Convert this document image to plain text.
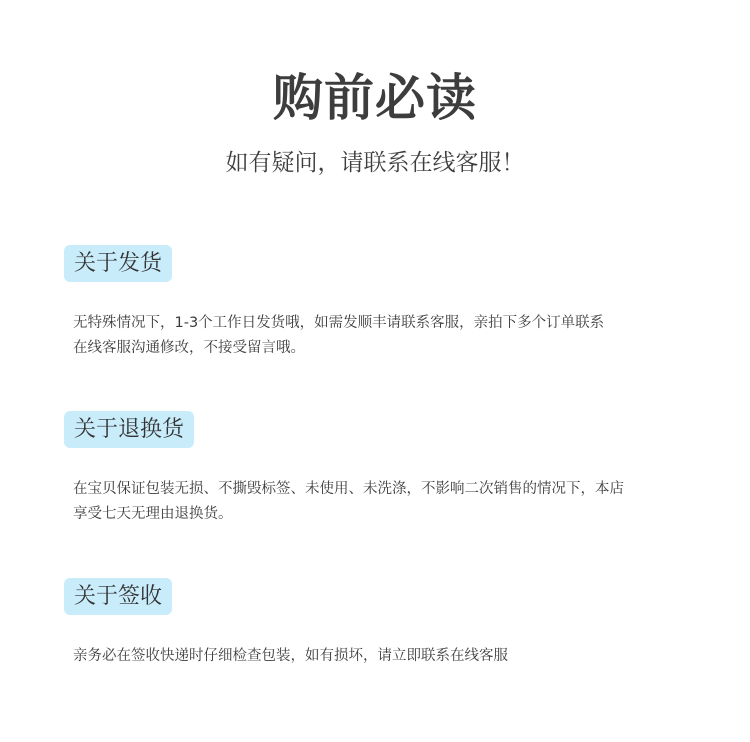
购前必读
如有疑问，请联系在线客服！
关于发货
无特殊情况下，1-3个工作日发货哦，如需发顺丰请联系客服，亲拍下多个订单联系
在线客服沟通修改，不接受留言哦。
关于退换货
在宝贝保证包装无损、不撕毁标签、未使用、未洗涤，不影响二次销售的情况下，本店
享受七天无理由退换货。
关于签收
亲务必在签收快递时仔细检查包装，如有损坏，请立即联系在线客服
